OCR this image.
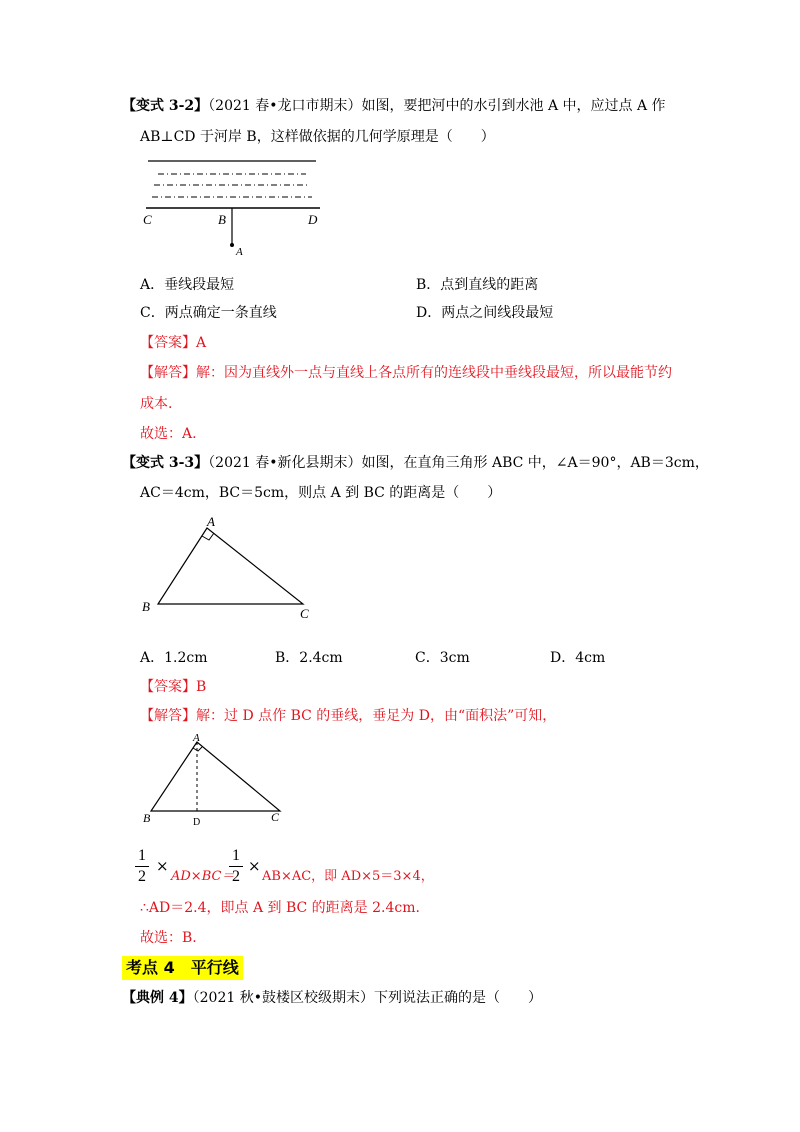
【变式 3-2】（2021 春•龙口市期末）如图，要把河中的水引到水池 A 中，应过点 A 作
AB⊥CD 于河岸 B，这样做依据的几何学原理是（　　）
C	B	D
A
A．垂线段最短	B．点到直线的距离
C．两点确定一条直线	D．两点之间线段最短
【答案】A
【解答】解：因为直线外一点与直线上各点所有的连线段中垂线段最短，所以最能节约
成本.
故选：A.
【变式 3-3】（2021 春•新化县期末）如图，在直角三角形 ABC 中，∠A＝90°，AB＝3cm，
AC＝4cm，BC＝5cm，则点 A 到 BC 的距离是（　　）
A
B	C
A．1.2cm	B．2.4cm	C．3cm	D．4cm
【答案】B
【解答】解：过 D 点作 BC 的垂线，垂足为 D，由“面积法”可知，
A
B	C
D
1
2
×
AD×BC＝
1
2
×
AB×AC，即 AD×5＝3×4，
∴AD＝2.4，即点 A 到 BC 的距离是 2.4cm.
故选：B.
考点 4　平行线
【典例 4】（2021 秋•鼓楼区校级期末）下列说法正确的是（　　）
